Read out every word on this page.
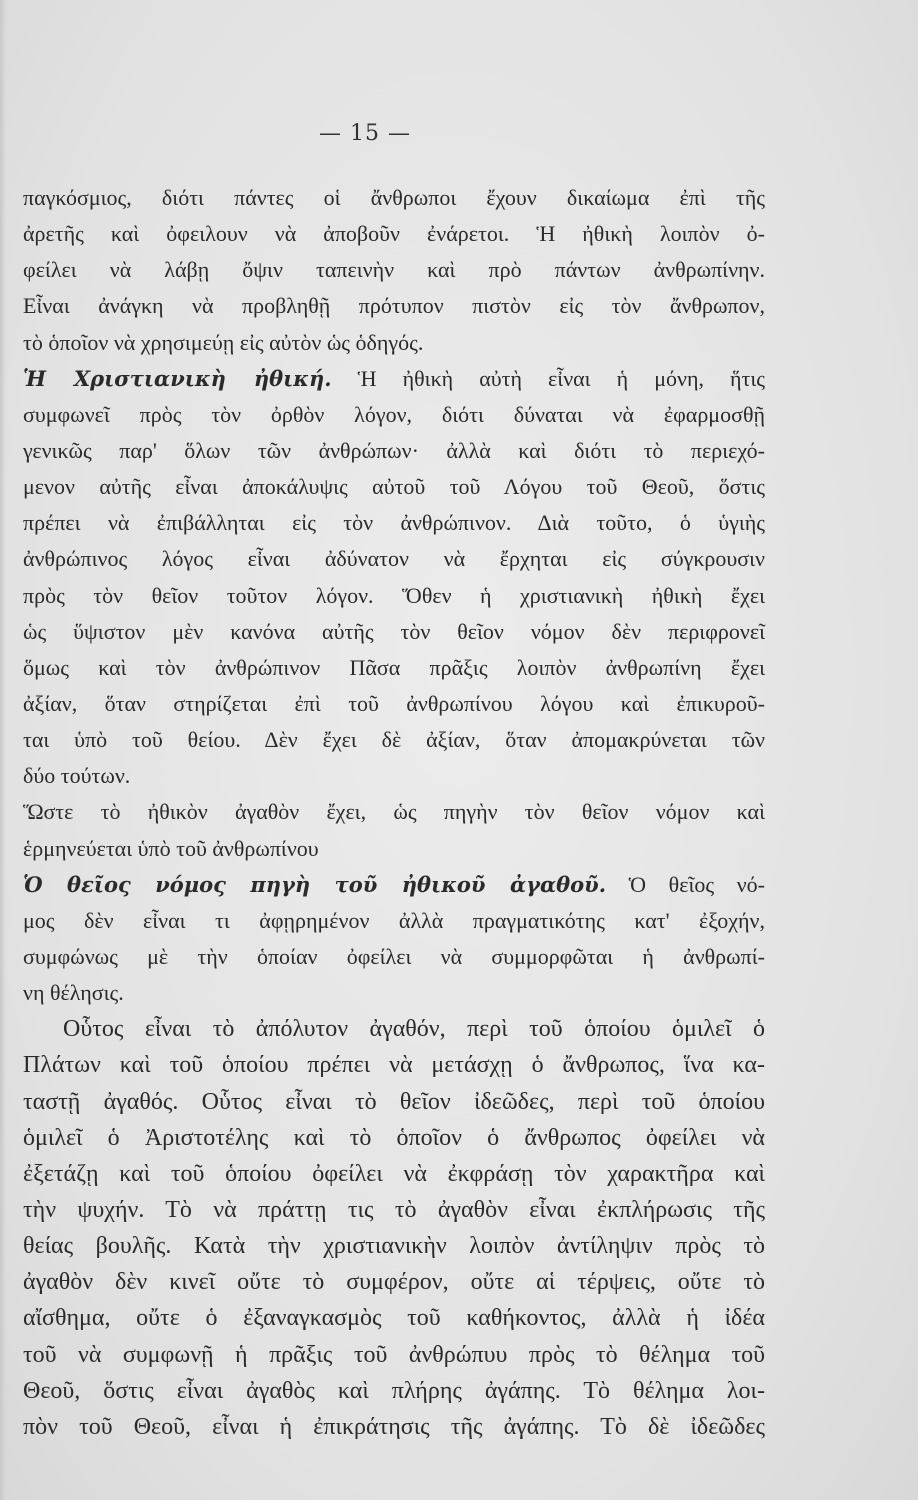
— 15 —
παγκόσμιος, διότι πάντες οἱ ἄνθρωποι ἔχουν δικαίωμα ἐπὶ τῆς
ἀρετῆς καὶ ὀφειλουν νὰ ἀποβοῦν ἐνάρετοι. Ἡ ἠθικὴ λοιπὸν ὀ-
φείλει νὰ λάβῃ ὄψιν ταπεινὴν καὶ πρὸ πάντων ἀνθρωπίνην.
Εἶναι ἀνάγκη νὰ προβληθῇ πρότυπον πιστὸν εἰς τὸν ἄνθρωπον,
τὸ ὁποῖον νὰ χρησιμεύῃ εἰς αὐτὸν ὡς ὁδηγός.
Ἡ Χριστιανικὴ ἠθική. Ἡ ἠθικὴ αὐτὴ εἶναι ἡ μόνη, ἥτις
συμφωνεῖ πρὸς τὸν ὀρθὸν λόγον, διότι δύναται νὰ ἐφαρμοσθῇ
γενικῶς παρ' ὅλων τῶν ἀνθρώπων· ἀλλὰ καὶ διότι τὸ περιεχό-
μενον αὐτῆς εἶναι ἀποκάλυψις αὐτοῦ τοῦ Λόγου τοῦ Θεοῦ, ὅστις
πρέπει νὰ ἐπιβάλληται εἰς τὸν ἀνθρώπινον. Διὰ τοῦτο, ὁ ὑγιὴς
ἀνθρώπινος λόγος εἶναι ἀδύνατον νὰ ἔρχηται εἰς σύγκρουσιν
πρὸς τὸν θεῖον τοῦτον λόγον. Ὅθεν ἡ χριστιανικὴ ἠθικὴ ἔχει
ὡς ὕψιστον μὲν κανόνα αὐτῆς τὸν θεῖον νόμον δὲν περιφρονεῖ
ὅμως καὶ τὸν ἀνθρώπινον Πᾶσα πρᾶξις λοιπὸν ἀνθρωπίνη ἔχει
ἀξίαν, ὅταν στηρίζεται ἐπὶ τοῦ ἀνθρωπίνου λόγου καὶ ἐπικυροῦ-
ται ὑπὸ τοῦ θείου. Δὲν ἔχει δὲ ἀξίαν, ὅταν ἀπομακρύνεται τῶν
δύο τούτων.
Ὥστε τὸ ἠθικὸν ἀγαθὸν ἔχει, ὡς πηγὴν τὸν θεῖον νόμον καὶ
ἑρμηνεύεται ὑπὸ τοῦ ἀνθρωπίνου
Ὁ θεῖος νόμος πηγὴ τοῦ ἠθικοῦ ἀγαθοῦ. Ὁ θεῖος νό-
μος δὲν εἶναι τι ἀφῃρημένον ἀλλὰ πραγματικότης κατ' ἐξοχήν,
συμφώνως μὲ τὴν ὁποίαν ὀφείλει νὰ συμμορφῶται ἡ ἀνθρωπί-
νη θέλησις.
Οὗτος εἶναι τὸ ἀπόλυτον ἀγαθόν, περὶ τοῦ ὁποίου ὁμιλεῖ ὁ
Πλάτων καὶ τοῦ ὁποίου πρέπει νὰ μετάσχῃ ὁ ἄνθρωπος, ἵνα κα-
ταστῇ ἀγαθός. Οὗτος εἶναι τὸ θεῖον ἰδεῶδες, περὶ τοῦ ὁποίου
ὁμιλεῖ ὁ Ἀριστοτέλης καὶ τὸ ὁποῖον ὁ ἄνθρωπος ὀφείλει νὰ
ἐξετάζῃ καὶ τοῦ ὁποίου ὀφείλει νὰ ἐκφράσῃ τὸν χαρακτῆρα καὶ
τὴν ψυχήν. Τὸ νὰ πράττῃ τις τὸ ἀγαθὸν εἶναι ἐκπλήρωσις τῆς
θείας βουλῆς. Κατὰ τὴν χριστιανικὴν λοιπὸν ἀντίληψιν πρὸς τὸ
ἀγαθὸν δὲν κινεῖ οὔτε τὸ συμφέρον, οὔτε αἱ τέρψεις, οὔτε τὸ
αἴσθημα, οὔτε ὁ ἐξαναγκασμὸς τοῦ καθήκοντος, ἀλλὰ ἡ ἰδέα
τοῦ νὰ συμφωνῇ ἡ πρᾶξις τοῦ ἀνθρώπυυ πρὸς τὸ θέλημα τοῦ
Θεοῦ, ὅστις εἶναι ἀγαθὸς καὶ πλήρης ἀγάπης. Τὸ θέλημα λοι-
πὸν τοῦ Θεοῦ, εἶναι ἡ ἐπικράτησις τῆς ἀγάπης. Τὸ δὲ ἰδεῶδες
